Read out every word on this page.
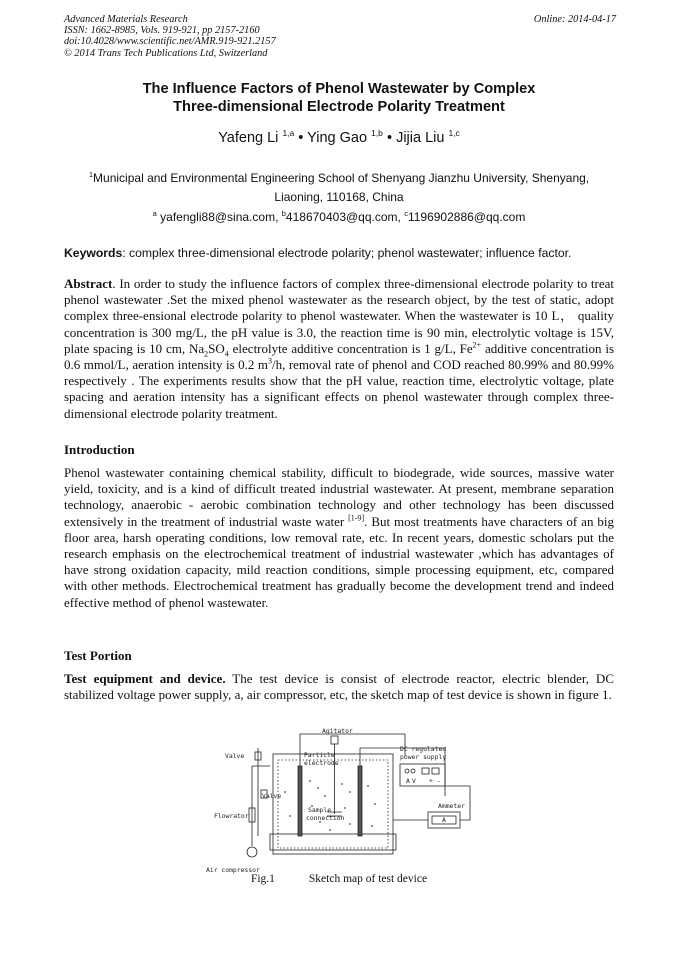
Advanced Materials Research
ISSN: 1662-8985, Vols. 919-921, pp 2157-2160
doi:10.4028/www.scientific.net/AMR.919-921.2157
© 2014 Trans Tech Publications Ltd, Switzerland
Online: 2014-04-17
The Influence Factors of Phenol Wastewater by Complex
Three-dimensional Electrode Polarity Treatment
Yafeng Li $^{1,a}$ • Ying Gao $^{1,b}$ • Jijia Liu $^{1,c}$
$^1$Municipal and Environmental Engineering School of Shenyang Jianzhu University, Shenyang, Liaoning, 110168, China
$^a$ yafengli88@sina.com, $^b$418670403@qq.com, $^c$1196902886@qq.com
Keywords: complex three-dimensional electrode polarity; phenol wastewater; influence factor.
Abstract. In order to study the influence factors of complex three-dimensional electrode polarity to treat phenol wastewater .Set the mixed phenol wastewater as the research object, by the test of static, adopt complex three-ensional electrode polarity to phenol wastewater. When the wastewater is 10 L， quality concentration is 300 mg/L, the pH value is 3.0, the reaction time is 90 min, electrolytic voltage is 15V, plate spacing is 10 cm, $Na_2SO_4$ electrolyte additive concentration is 1 g/L, $Fe^{2+}$ additive concentration is 0.6 mmol/L, aeration intensity is 0.2 $m^3/h$, removal rate of phenol and COD reached 80.99% and 80.99% respectively . The experiments results show that the pH value, reaction time, electrolytic voltage, plate spacing and aeration intensity has a significant effects on phenol wastewater through complex three-dimensional electrode polarity treatment.
Introduction
Phenol wastewater containing chemical stability, difficult to biodegrade, wide sources, massive water yield, toxicity, and is a kind of difficult treated industrial wastewater. At present, membrane separation technology, anaerobic - aerobic combination technology and other technology has been discussed extensively in the treatment of industrial waste water [1-9]. But most treatments have characters of an big floor area, harsh operating conditions, low removal rate, etc. In recent years, domestic scholars put the research emphasis on the electrochemical treatment of industrial wastewater ,which has advantages of have strong oxidation capacity, mild reaction conditions, simple processing equipment, etc, compared with other methods. Electrochemical treatment has gradually become the development trend and indeed effective method of phenol wastewater.
Test Portion
Test equipment and device. The test device is consist of electrode reactor, electric blender, DC stabilized voltage power supply, a, air compressor, etc, the sketch map of test device is shown in figure 1.
Agitator
Particle
electrode
Sample
connection
Valve
Valve
Flowrator
Air compressor
DC regulated
power supply
A V + -
Ammeter
A
Fig.1	Sketch map of test device
